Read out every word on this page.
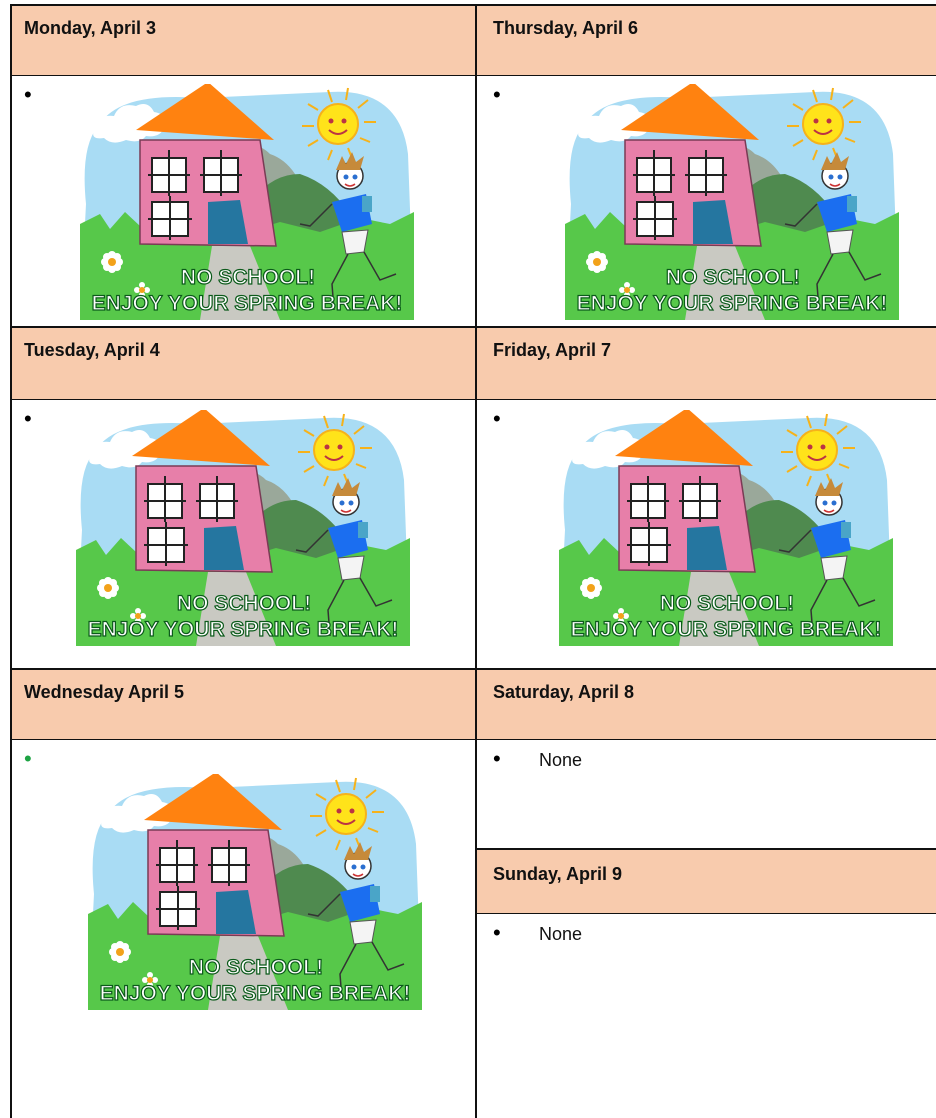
Monday, April 3
•
NO SCHOOL!
ENJOY YOUR SPRING BREAK!
Tuesday, April 4
•
NO SCHOOL!
ENJOY YOUR SPRING BREAK!
Wednesday April 5
•
NO SCHOOL!
ENJOY YOUR SPRING BREAK!
Thursday, April 6
•
NO SCHOOL!
ENJOY YOUR SPRING BREAK!
Friday, April 7
•
NO SCHOOL!
ENJOY YOUR SPRING BREAK!
Saturday, April 8
• None
Sunday, April 9
• None
